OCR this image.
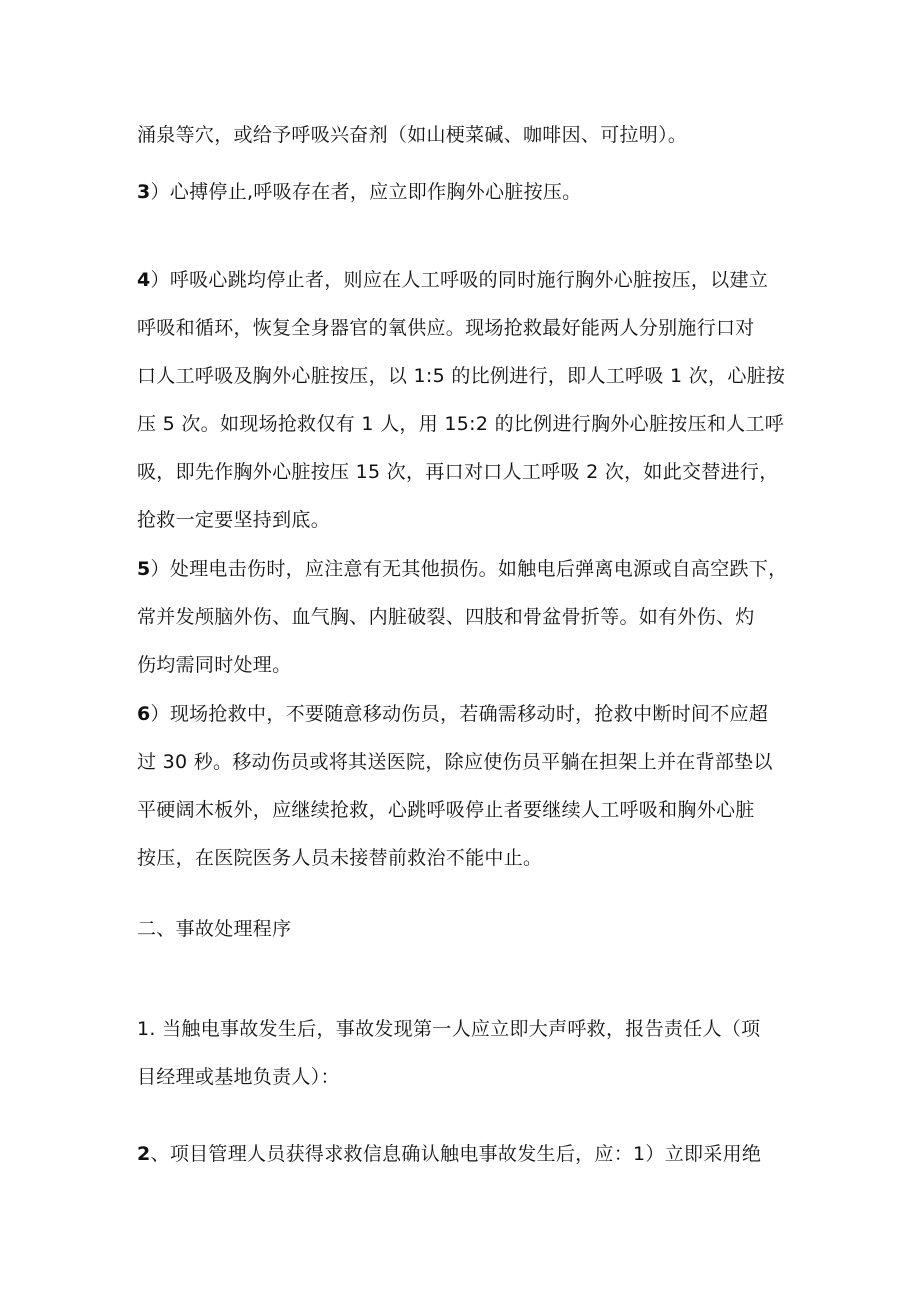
涌泉等穴，或给予呼吸兴奋剂（如山梗菜碱、咖啡因、可拉明）。
3）心搏停止,呼吸存在者，应立即作胸外心脏按压。
4）呼吸心跳均停止者，则应在人工呼吸的同时施行胸外心脏按压，以建立
呼吸和循环，恢复全身器官的氧供应。现场抢救最好能两人分别施行口对
口人工呼吸及胸外心脏按压，以 1:5 的比例进行，即人工呼吸 1 次，心脏按
压 5 次。如现场抢救仅有 1 人，用 15:2 的比例进行胸外心脏按压和人工呼
吸，即先作胸外心脏按压 15 次，再口对口人工呼吸 2 次，如此交替进行，
抢救一定要坚持到底。
5）处理电击伤时，应注意有无其他损伤。如触电后弹离电源或自高空跌下，
常并发颅脑外伤、血气胸、内脏破裂、四肢和骨盆骨折等。如有外伤、灼
伤均需同时处理。
6）现场抢救中，不要随意移动伤员，若确需移动时，抢救中断时间不应超
过 30 秒。移动伤员或将其送医院，除应使伤员平躺在担架上并在背部垫以
平硬阔木板外，应继续抢救，心跳呼吸停止者要继续人工呼吸和胸外心脏
按压，在医院医务人员未接替前救治不能中止。
二、事故处理程序
1. 当触电事故发生后，事故发现第一人应立即大声呼救，报告责任人（项
目经理或基地负责人）：
2、项目管理人员获得求救信息确认触电事故发生后，应：1）立即采用绝
